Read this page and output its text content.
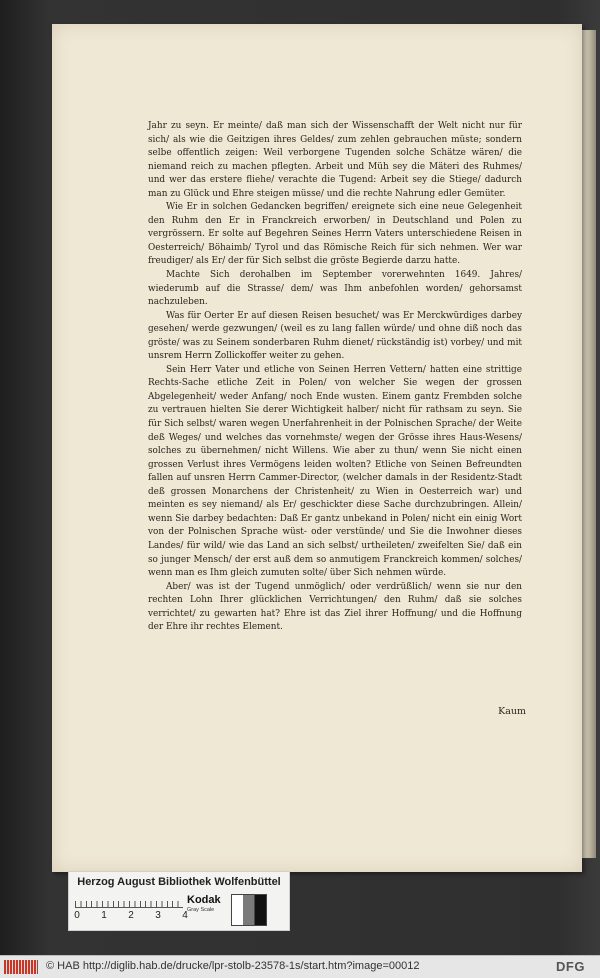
Jahr zu seyn. Er meinte/ daß man sich der Wissenschafft der Welt nicht nur für sich/ als wie die Geitzigen ihres Geldes/ zum zehlen gebrauchen müste; sondern selbe offentlich zeigen: Weil verborgene Tugenden solche Schätze wären/ die niemand reich zu machen pflegten. Arbeit und Müh sey die Mäteri des Ruhmes/ und wer das erstere fliehe/ verachte die Tugend: Arbeit sey die Stiege/ dadurch man zu Glück und Ehre steigen müsse/ und die rechte Nahrung edler Gemüter.

Wie Er in solchen Gedancken begriffen/ ereignete sich eine neue Gelegenheit den Ruhm den Er in Franckreich erworben/ in Deutschland und Polen zu vergrössern. Er solte auf Begehren Seines Herrn Vaters unterschiedene Reisen in Oesterreich/ Böhaimb/ Tyrol und das Römische Reich für sich nehmen. Wer war freudiger/ als Er/ der für Sich selbst die gröste Begierde darzu hatte.

Machte Sich derohalben im September vorerwehnten 1649. Jahres/ wiederumb auf die Strasse/ dem/ was Ihm anbefohlen worden/ gehorsamst nachzuleben.

Was für Oerter Er auf diesen Reisen besuchet/ was Er Merckwürdiges darbey gesehen/ werde gezwungen/ (weil es zu lang fallen würde/ und ohne diß noch das gröste/ was zu Seinem sonderbaren Ruhm dienet/ rückständig ist) vorbey/ und mit unsrem Herrn Zollickoffer weiter zu gehen.

Sein Herr Vater und etliche von Seinen Herren Vettern/ hatten eine strittige Rechts-Sache etliche Zeit in Polen/ von welcher Sie wegen der grossen Abgelegenheit/ weder Anfang/ noch Ende wusten. Einem gantz Frembden solche zu vertrauen hielten Sie derer Wichtigkeit halber/ nicht für rathsam zu seyn. Sie für Sich selbst/ waren wegen Unerfahrenheit in der Polnischen Sprache/ der Weite deß Weges/ und welches das vornehmste/ wegen der Grösse ihres Haus-Wesens/ solches zu übernehmen/ nicht Willens. Wie aber zu thun/ wenn Sie nicht einen grossen Verlust ihres Vermögens leiden wolten? Etliche von Seinen Befreundten fallen auf unsren Herrn Cammer-Director, (welcher damals in der Residentz-Stadt deß grossen Monarchens der Christenheit/ zu Wien in Oesterreich war) und meinten es sey niemand/ als Er/ geschickter diese Sache durchzubringen. Allein/ wenn Sie darbey bedachten: Daß Er gantz unbekand in Polen/ nicht ein einig Wort von der Polnischen Sprache wüst- oder verstünde/ und Sie die Inwohner dieses Landes/ für wild/ wie das Land an sich selbst/ urtheileten/ zweifelten Sie/ daß ein so junger Mensch/ der erst auß dem so anmutigem Franckreich kommen/ solches/ wenn man es Ihm gleich zumuten solte/ über Sich nehmen würde.

Aber/ was ist der Tugend unmöglich/ oder verdrüßlich/ wenn sie nur den rechten Lohn Ihrer glücklichen Verrichtungen/ den Ruhm/ daß sie solches verrichtet/ zu gewarten hat? Ehre ist das Ziel ihrer Hoffnung/ und die Hoffnung der Ehre ihr rechtes Element.

Kaum
Herzog August Bibliothek Wolfenbüttel
0	1	2	3	4
Kodak
Gray Scale
© HAB http://diglib.hab.de/drucke/lpr-stolb-23578-1s/start.htm?image=00012	DFG
